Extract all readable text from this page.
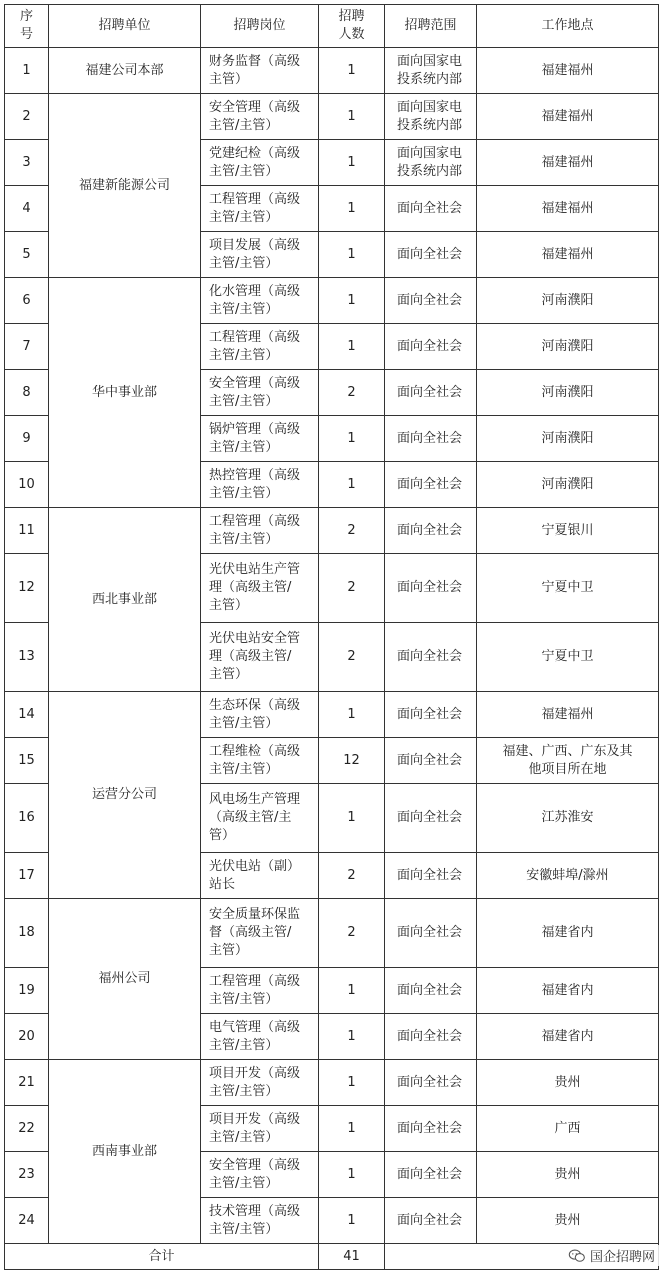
序
号	招聘单位	招聘岗位	招聘
人数	招聘范围	工作地点
1	福建公司本部	财务监督（高级
主管）	1	面向国家电
投系统内部	福建福州
2	福建新能源公司	安全管理（高级
主管/主管）	1	面向国家电
投系统内部	福建福州
3		党建纪检（高级
主管/主管）	1	面向国家电
投系统内部	福建福州
4		工程管理（高级
主管/主管）	1	面向全社会	福建福州
5		项目发展（高级
主管/主管）	1	面向全社会	福建福州
6	华中事业部	化水管理（高级
主管/主管）	1	面向全社会	河南濮阳
7		工程管理（高级
主管/主管）	1	面向全社会	河南濮阳
8		安全管理（高级
主管/主管）	2	面向全社会	河南濮阳
9		锅炉管理（高级
主管/主管）	1	面向全社会	河南濮阳
10		热控管理（高级
主管/主管）	1	面向全社会	河南濮阳
11	西北事业部	工程管理（高级
主管/主管）	2	面向全社会	宁夏银川
12		光伏电站生产管
理（高级主管/
主管）	2	面向全社会	宁夏中卫
13		光伏电站安全管
理（高级主管/
主管）	2	面向全社会	宁夏中卫
14	运营分公司	生态环保（高级
主管/主管）	1	面向全社会	福建福州
15		工程维检（高级
主管/主管）	12	面向全社会	福建、广西、广东及其
他项目所在地
16		风电场生产管理
（高级主管/主
管）	1	面向全社会	江苏淮安
17		光伏电站（副）
站长	2	面向全社会	安徽蚌埠/滁州
18	福州公司	安全质量环保监
督（高级主管/
主管）	2	面向全社会	福建省内
19		工程管理（高级
主管/主管）	1	面向全社会	福建省内
20		电气管理（高级
主管/主管）	1	面向全社会	福建省内
21	西南事业部	项目开发（高级
主管/主管）	1	面向全社会	贵州
22		项目开发（高级
主管/主管）	1	面向全社会	广西
23		安全管理（高级
主管/主管）	1	面向全社会	贵州
24		技术管理（高级
主管/主管）	1	面向全社会	贵州
合计			41			国企招聘网
